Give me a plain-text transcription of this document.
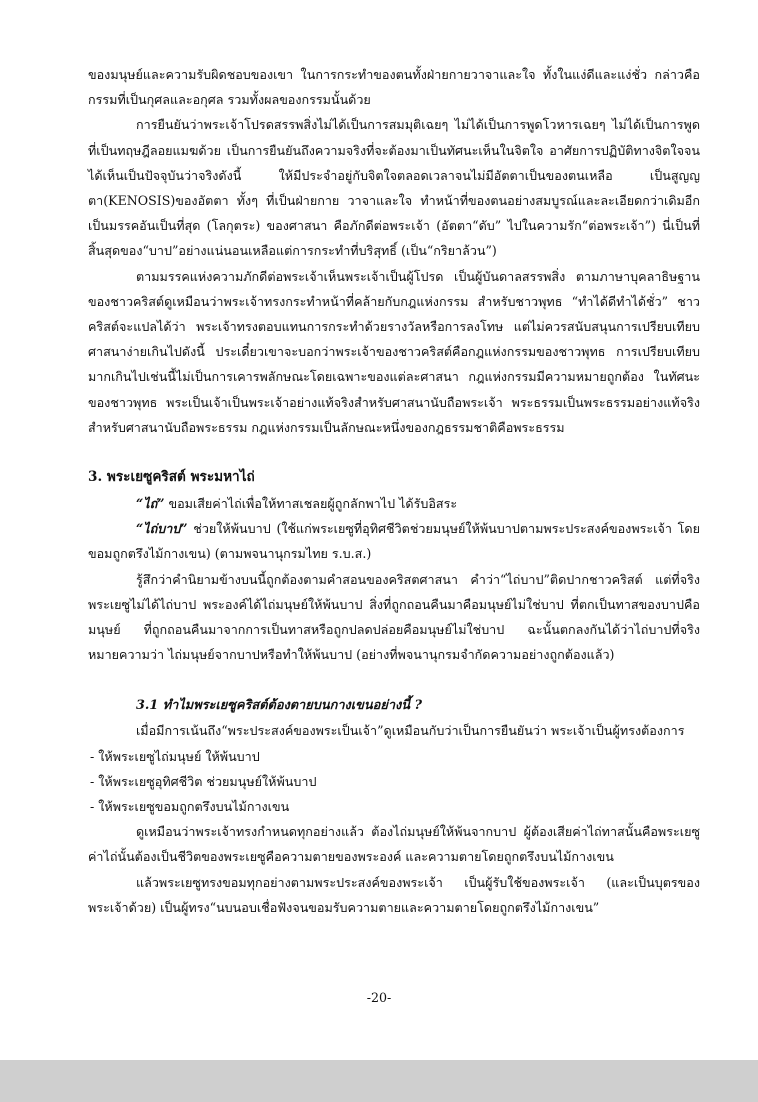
ของมนุษย์และความรับผิดชอบของเขา ในการกระทำของตนทั้งฝ่ายกายวาจาและใจ ทั้งในแง่ดีและแง่ชั่ว กล่าวคือ กรรมที่เป็นกุศลและอกุศล รวมทั้งผลของกรรมนั้นด้วย

การยืนยันว่าพระเจ้าโปรดสรรพสิ่งไม่ได้เป็นการสมมุติเฉยๆ ไม่ได้เป็นการพูดโวหารเฉยๆ ไม่ได้เป็นการพูดที่เป็นทฤษฎีลอยแมฆด้วย เป็นการยืนยันถึงความจริงที่จะต้องมาเป็นทัศนะเห็นในจิตใจ อาศัยการปฏิบัติทางจิตใจจนได้เห็นเป็นปัจจุบันว่าจริงดังนี้ ให้มีประจำอยู่กับจิตใจตลอดเวลาจนไม่มีอัตตาเป็นของตนเหลือ เป็นสูญญตา(KENOSIS)ของอัตตา ทั้งๆ ที่เป็นฝ่ายกาย วาจาและใจ ทำหน้าที่ของตนอย่างสมบูรณ์และละเอียดกว่าเดิมอีก เป็นมรรคอันเป็นที่สุด (โลกุตระ) ของศาสนา คือภักดีต่อพระเจ้า (อัตตา“ดับ” ไปในความรัก“ต่อพระเจ้า”) นี่เป็นที่สิ้นสุดของ“บาป”อย่างแน่นอนเหลือแต่การกระทำที่บริสุทธิ์ (เป็น“กริยาล้วน”)

ตามมรรคแห่งความภักดีต่อพระเจ้าเห็นพระเจ้าเป็นผู้โปรด เป็นผู้บันดาลสรรพสิ่ง ตามภาษาบุคลาธิษฐานของชาวคริสต์ดูเหมือนว่าพระเจ้าทรงกระทำหน้าที่คล้ายกับกฎแห่งกรรม สำหรับชาวพุทธ “ทำได้ดีทำได้ชั่ว” ชาวคริสต์จะแปลได้ว่า พระเจ้าทรงตอบแทนการกระทำด้วยรางวัลหรือการลงโทษ แต่ไม่ควรสนับสนุนการเปรียบเทียบศาสนาง่ายเกินไปดังนี้ ประเดี๋ยวเขาจะบอกว่าพระเจ้าของชาวคริสต์คือกฎแห่งกรรมของชาวพุทธ การเปรียบเทียบมากเกินไปเช่นนี้ไม่เป็นการเคารพลักษณะโดยเฉพาะของแต่ละศาสนา กฎแห่งกรรมมีความหมายถูกต้อง ในทัศนะของชาวพุทธ พระเป็นเจ้าเป็นพระเจ้าอย่างแท้จริงสำหรับศาสนานับถือพระเจ้า พระธรรมเป็นพระธรรมอย่างแท้จริงสำหรับศาสนานับถือพระธรรม กฎแห่งกรรมเป็นลักษณะหนึ่งของกฎธรรมชาติคือพระธรรม

3. พระเยซูคริสต์ พระมหาไถ่

“ไถ่” ขอมเสียค่าไถ่เพื่อให้ทาสเชลยผู้ถูกลักพาไป ได้รับอิสระ

“ไถ่บาป” ช่วยให้พ้นบาป (ใช้แก่พระเยซูที่อุทิศชีวิตช่วยมนุษย์ให้พ้นบาปตามพระประสงค์ของพระเจ้า โดยขอมถูกตรึงไม้กางเขน) (ตามพจนานุกรมไทย ร.บ.ส.)

รู้สึกว่าคำนิยามข้างบนนี้ถูกต้องตามคำสอนของคริสตศาสนา คำว่า“ไถ่บาป”ติดปากชาวคริสต์ แต่ที่จริงพระเยซูไม่ได้ไถ่บาป พระองค์ได้ไถ่มนุษย์ให้พ้นบาป สิ่งที่ถูกถอนคืนมาคือมนุษย์ไม่ใช่บาป ที่ตกเป็นทาสของบาปคือมนุษย์ ที่ถูกถอนคืนมาจากการเป็นทาสหรือถูกปลดปล่อยคือมนุษย์ไม่ใช่บาป ฉะนั้นตกลงกันได้ว่าไถ่บาปที่จริงหมายความว่า ไถ่มนุษย์จากบาปหรือทำให้พ้นบาป (อย่างที่พจนานุกรมจำกัดความอย่างถูกต้องแล้ว)

3.1 ทำไมพระเยซูคริสต์ต้องตายบนกางเขนอย่างนี้ ?

เมื่อมีการเน้นถึง“พระประสงค์ของพระเป็นเจ้า”ดูเหมือนกับว่าเป็นการยืนยันว่า พระเจ้าเป็นผู้ทรงต้องการ

- ให้พระเยซูไถ่มนุษย์ ให้พ้นบาป
- ให้พระเยซูอุทิศชีวิต ช่วยมนุษย์ให้พ้นบาป
- ให้พระเยซูขอมถูกตรึงบนไม้กางเขน

ดูเหมือนว่าพระเจ้าทรงกำหนดทุกอย่างแล้ว ต้องไถ่มนุษย์ให้พ้นจากบาป ผู้ต้องเสียค่าไถ่ทาสนั้นคือพระเยซู ค่าไถ่นั้นต้องเป็นชีวิตของพระเยซูคือความตายของพระองค์ และความตายโดยถูกตรึงบนไม้กางเขน

แล้วพระเยซูทรงขอมทุกอย่างตามพระประสงค์ของพระเจ้า เป็นผู้รับใช้ของพระเจ้า (และเป็นบุตรของพระเจ้าด้วย) เป็นผู้ทรง“นบนอบเชื่อฟังจนขอมรับความตายและความตายโดยถูกตรึงไม้กางเขน”

-20-
